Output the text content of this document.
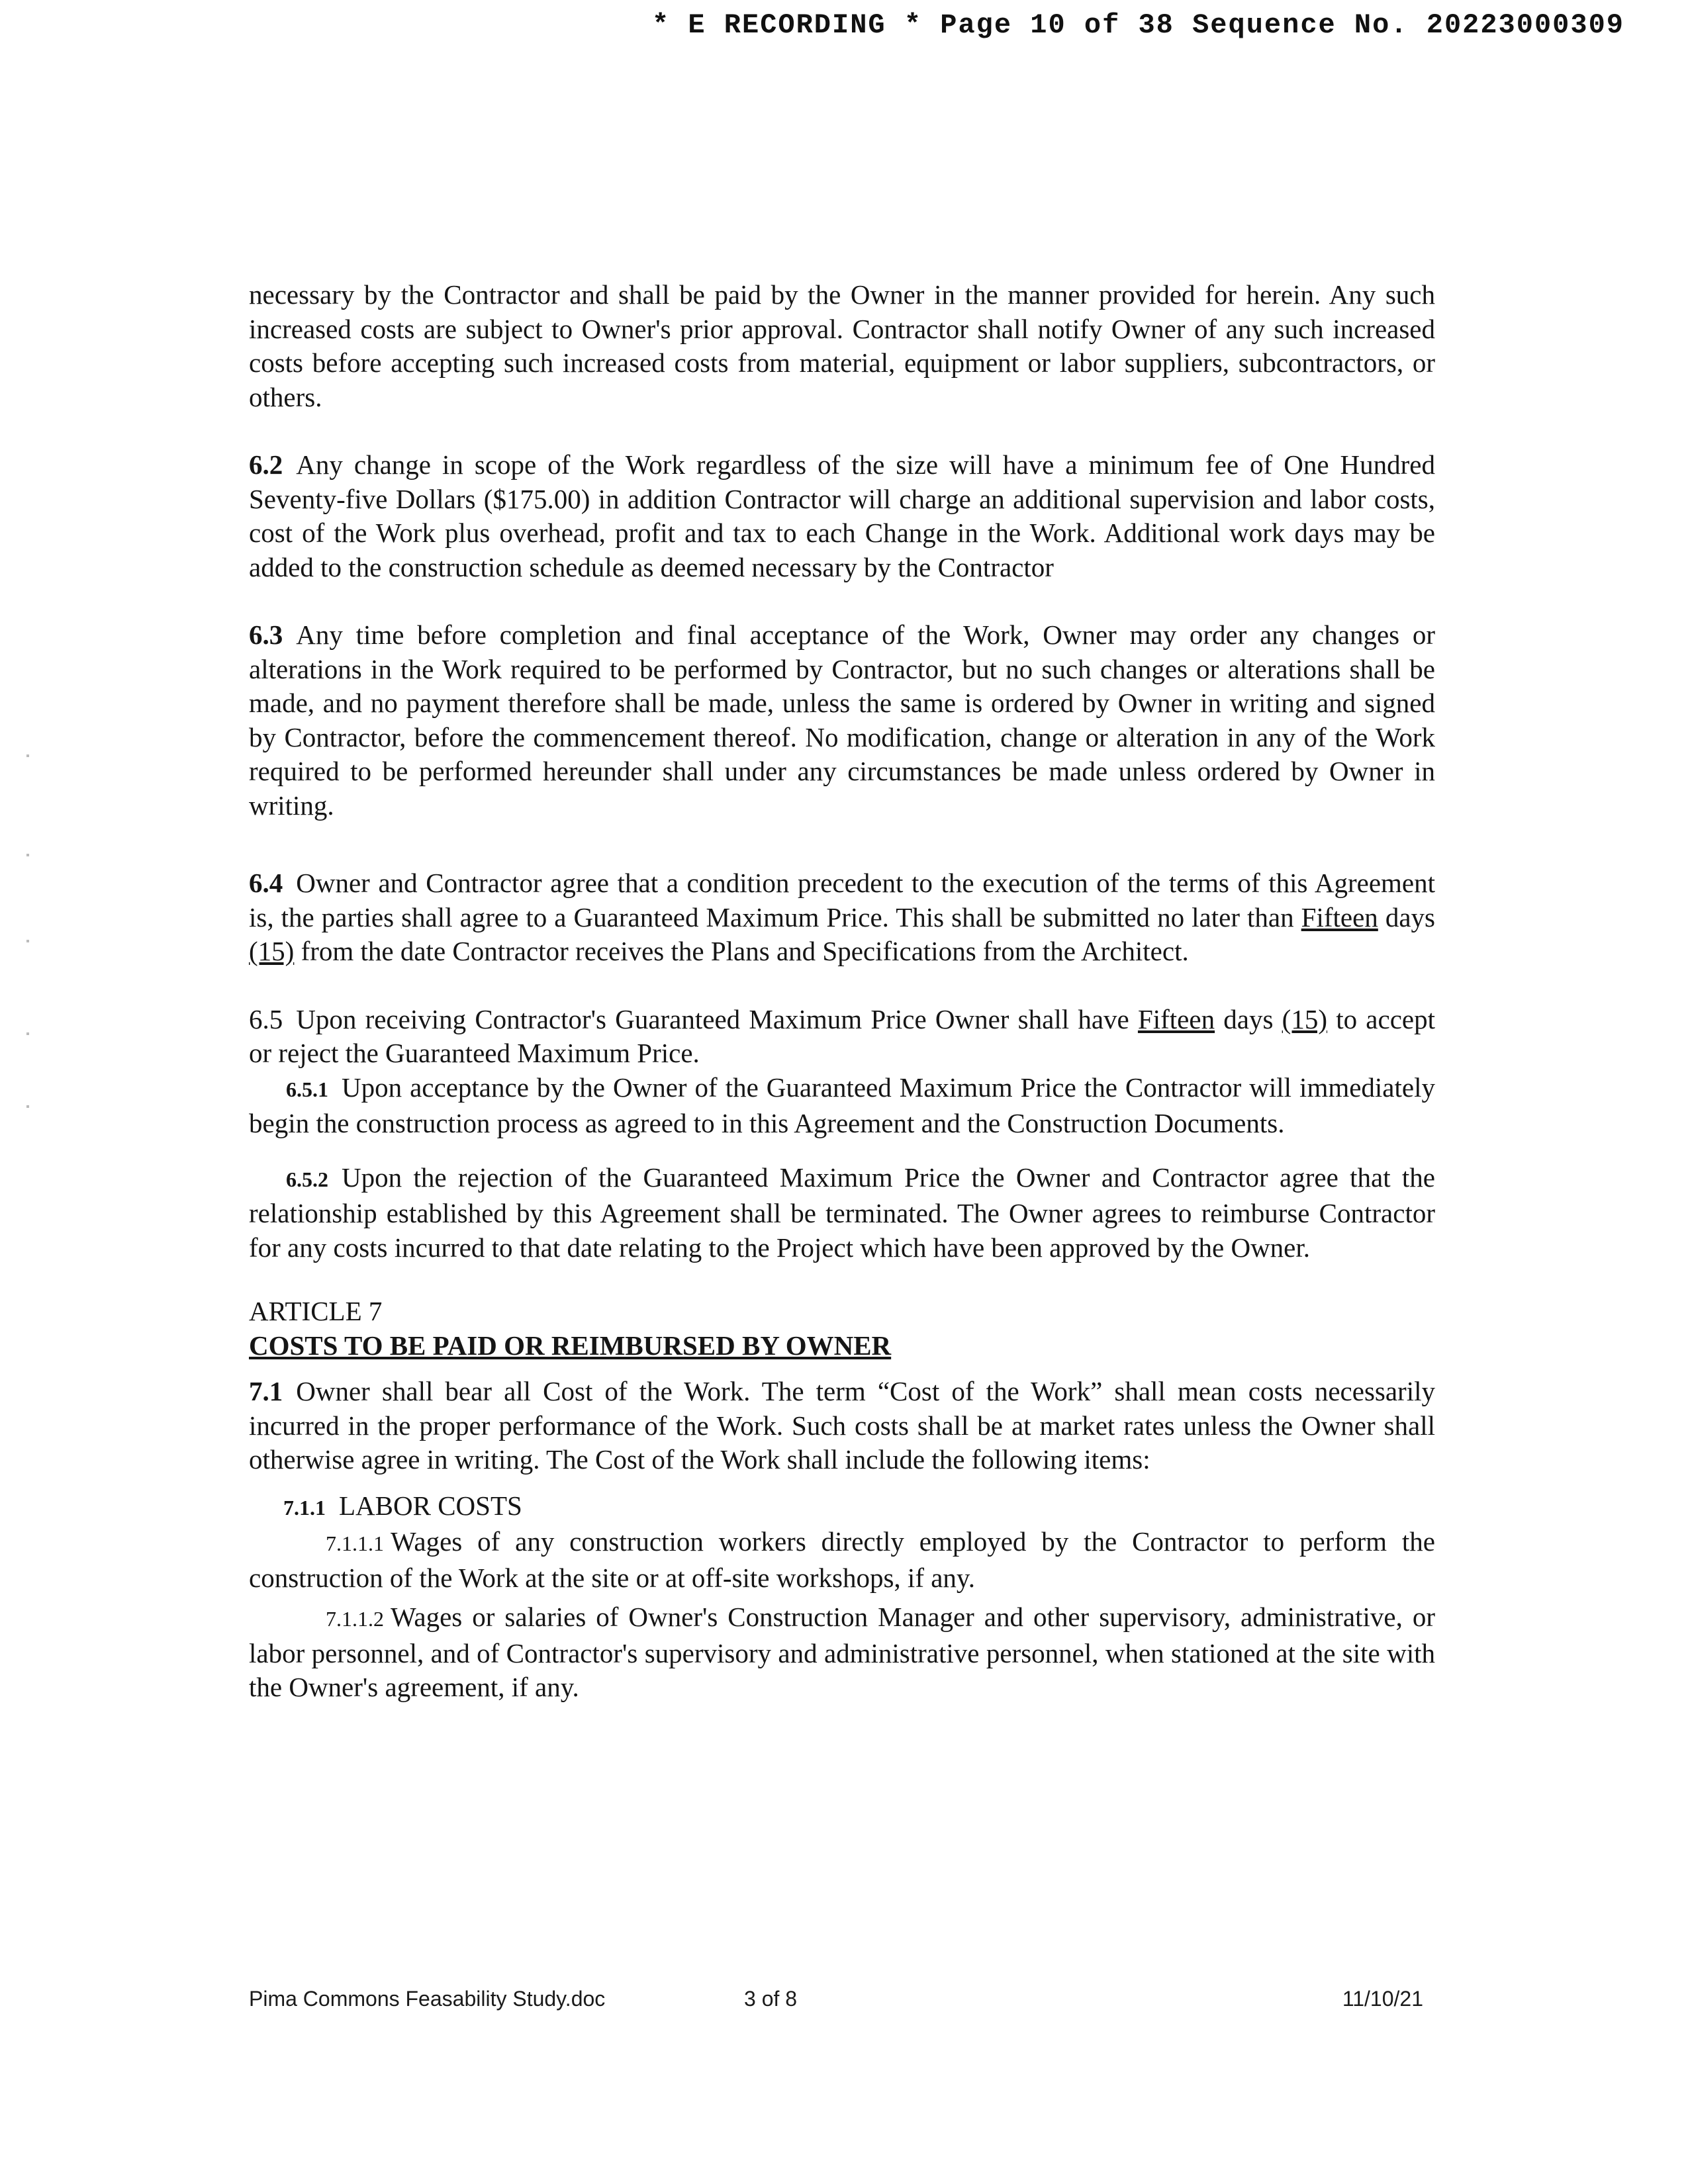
* E RECORDING * Page 10 of 38 Sequence No. 20223000309

necessary by the Contractor and shall be paid by the Owner in the manner provided for herein. Any such increased costs are subject to Owner's prior approval. Contractor shall notify Owner of any such increased costs before accepting such increased costs from material, equipment or labor suppliers, subcontractors, or others.

6.2 Any change in scope of the Work regardless of the size will have a minimum fee of One Hundred Seventy-five Dollars ($175.00) in addition Contractor will charge an additional supervision and labor costs, cost of the Work plus overhead, profit and tax to each Change in the Work. Additional work days may be added to the construction schedule as deemed necessary by the Contractor

6.3 Any time before completion and final acceptance of the Work, Owner may order any changes or alterations in the Work required to be performed by Contractor, but no such changes or alterations shall be made, and no payment therefore shall be made, unless the same is ordered by Owner in writing and signed by Contractor, before the commencement thereof. No modification, change or alteration in any of the Work required to be performed hereunder shall under any circumstances be made unless ordered by Owner in writing.

6.4 Owner and Contractor agree that a condition precedent to the execution of the terms of this Agreement is, the parties shall agree to a Guaranteed Maximum Price. This shall be submitted no later than Fifteen days (15) from the date Contractor receives the Plans and Specifications from the Architect.

6.5 Upon receiving Contractor's Guaranteed Maximum Price Owner shall have Fifteen days (15) to accept or reject the Guaranteed Maximum Price.

6.5.1 Upon acceptance by the Owner of the Guaranteed Maximum Price the Contractor will immediately begin the construction process as agreed to in this Agreement and the Construction Documents.

6.5.2 Upon the rejection of the Guaranteed Maximum Price the Owner and Contractor agree that the relationship established by this Agreement shall be terminated. The Owner agrees to reimburse Contractor for any costs incurred to that date relating to the Project which have been approved by the Owner.

ARTICLE 7

COSTS TO BE PAID OR REIMBURSED BY OWNER

7.1 Owner shall bear all Cost of the Work. The term “Cost of the Work” shall mean costs necessarily incurred in the proper performance of the Work. Such costs shall be at market rates unless the Owner shall otherwise agree in writing. The Cost of the Work shall include the following items:

7.1.1 LABOR COSTS

7.1.1.1 Wages of any construction workers directly employed by the Contractor to perform the construction of the Work at the site or at off-site workshops, if any.

7.1.1.2 Wages or salaries of Owner's Construction Manager and other supervisory, administrative, or labor personnel, and of Contractor's supervisory and administrative personnel, when stationed at the site with the Owner's agreement, if any.

Pima Commons Feasability Study.doc	3 of 8	11/10/21
